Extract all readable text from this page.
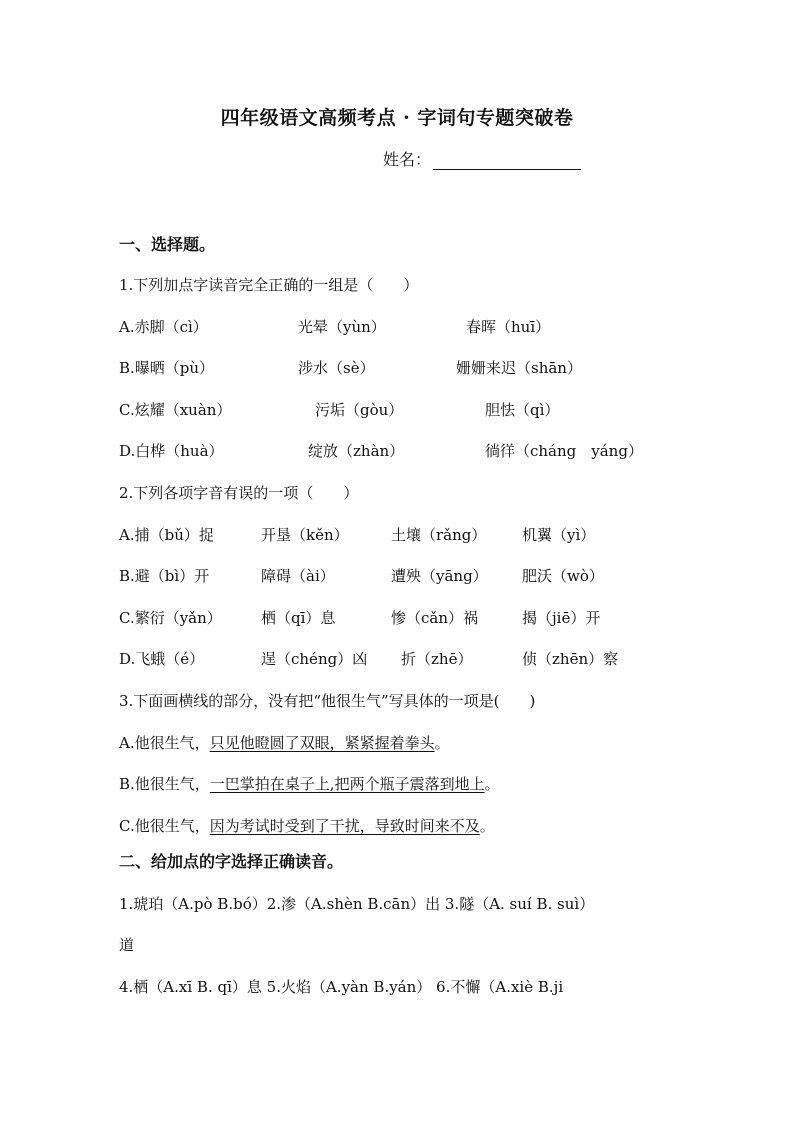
四年级语文高频考点 · 字词句专题突破卷
姓名：
一、选择题。
1.下列加点字读音完全正确的一组是（　　）
A.赤脚（cì）	光晕（yùn）	春晖（huī）
B.曝晒（pù）	涉水（sè）	姗姗来迟（shān）
C.炫耀（xuàn）	污垢（gòu）	胆怯（qì）
D.白桦（huà）	绽放（zhàn）	徜徉（cháng　yáng）
2.下列各项字音有误的一项（　　）
A.捕（bǔ）捉	开垦（kěn）	土壤（rǎng） 机翼（yì）
B.避（bì）开	障碍（ài）	遭殃（yāng） 肥沃（wò）
C.繁衍（yǎn）	栖（qī）息	惨（cǎn）祸	揭（jiē）开
D.飞蛾（é）	逞（chéng）凶 折（zhē）	侦（zhēn）察
3.下面画横线的部分，没有把“他很生气”写具体的一项是(　　)
A.他很生气，只见他瞪圆了双眼，紧紧握着拳头。
B.他很生气，一巴掌拍在桌子上,把两个瓶子震落到地上。
C.他很生气，因为考试时受到了干扰，导致时间来不及。
二、给加点的字选择正确读音。
1.琥珀（A.pò B.bó）2.渗（A.shèn B.cān）出 3.隧（A. suí B. suì）
道
4.栖（A.xī B. qī）息 5.火焰（A.yàn B.yán） 6.不懈（A.xiè B.ji
